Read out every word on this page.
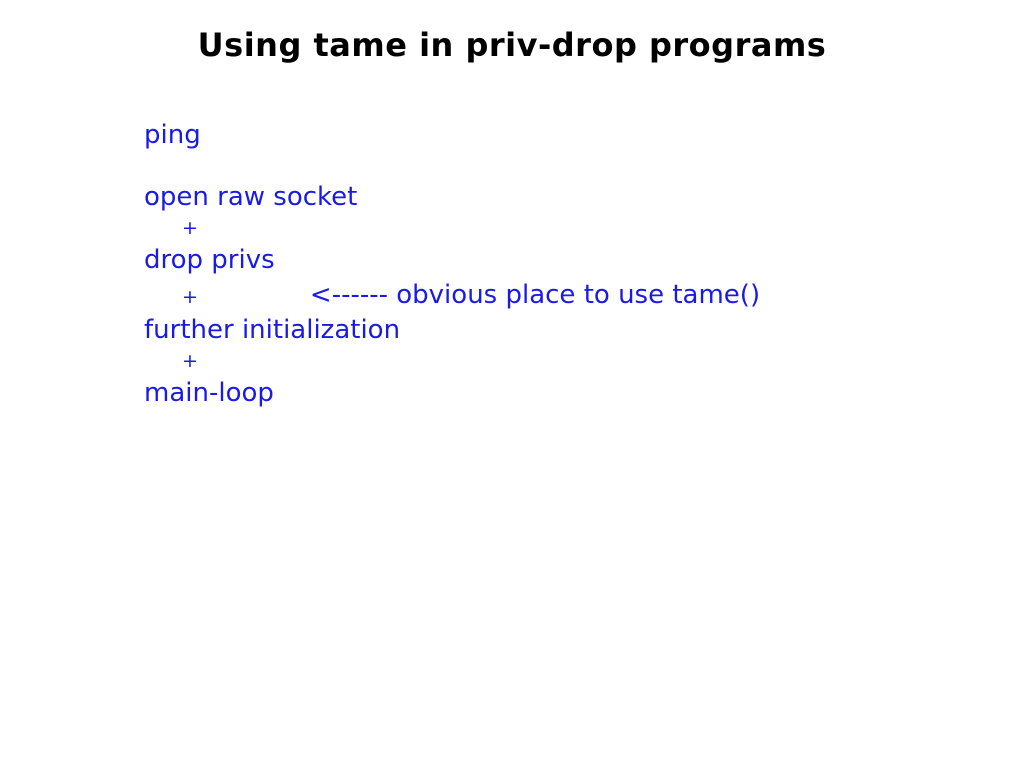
Using tame in priv-drop programs
ping
open raw socket
+
drop privs
+	<------ obvious place to use tame()
further initialization
+
main-loop
